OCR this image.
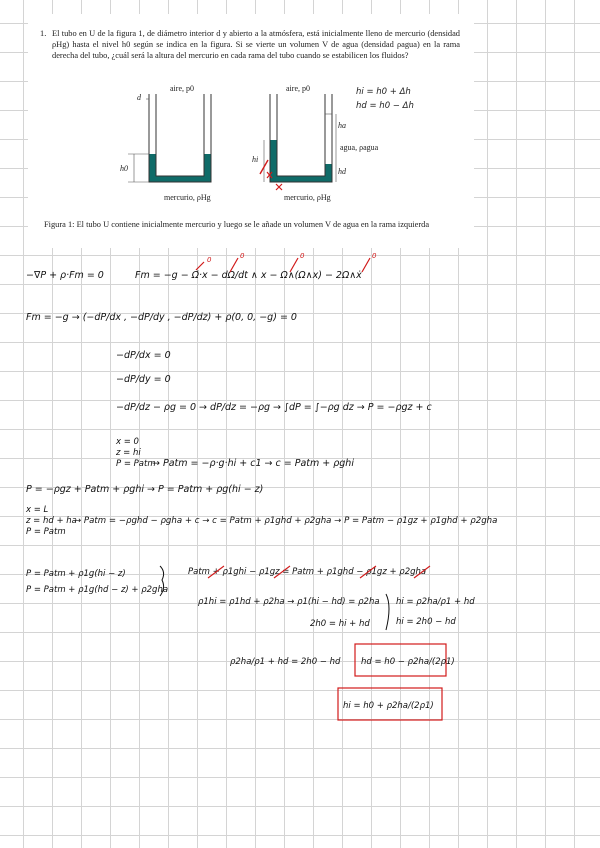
1. El tubo en U de la figura 1, de diámetro interior d y abierto a la atmósfera, está inicialmente lleno de mercurio (densidad ρHg) hasta el nivel h0 según se indica en la figura. Si se vierte un volumen V de agua (densidad ρagua) en la rama derecha del tubo, ¿cuál será la altura del mercurio en cada rama del tubo cuando se estabilicen los fluidos?
d
h0
aire, p0
mercurio, ρHg
ha
agua, ρagua
hi
hd
aire, p0
mercurio, ρHg
hi = h0 + Δh
hd = h0 − Δh
Figura 1: El tubo U contiene inicialmente mercurio y luego se le añade un volumen V de agua en la rama izquierda
−∇P + ρ·Fm = 0	Fm = −g − Ω̇·x − dΩ/dt ∧ x − Ω∧(Ω∧x) − 2Ω∧ẋ
0	0	0	0
Fm = −g → (−dP/dx , −dP/dy , −dP/dz) + ρ(0, 0, −g) = 0
−dP/dx = 0
−dP/dy = 0
−dP/dz − ρg = 0 → dP/dz = −ρg → ∫dP = ∫−ρg dz → P = −ρgz + c
x = 0
z = hi
P = Patm
→ Patm = −ρ·g·hi + c1 → c = Patm + ρghi
P = −ρgz + Patm + ρghi → P = Patm + ρg(hi − z)
x = L
z = hd + ha
P = Patm
→ Patm = −ρghd − ρgha + c → c = Patm + ρ1ghd + ρ2gha → P = Patm − ρ1gz + ρ1ghd + ρ2gha
P = Patm + ρ1g(hi − z)
P = Patm + ρ1g(hd − z) + ρ2gha
Patm + ρ1ghi − ρ1gz = Patm + ρ1ghd − ρ1gz + ρ2gha
ρ1hi = ρ1hd + ρ2ha → ρ1(hi − hd) = ρ2ha
2h0 = hi + hd
hi = ρ2ha/ρ1 + hd
hi = 2h0 − hd
ρ2ha/ρ1 + hd = 2h0 − hd hd = h0 − ρ2ha/(2ρ1)
hi = h0 + ρ2ha/(2ρ1)
